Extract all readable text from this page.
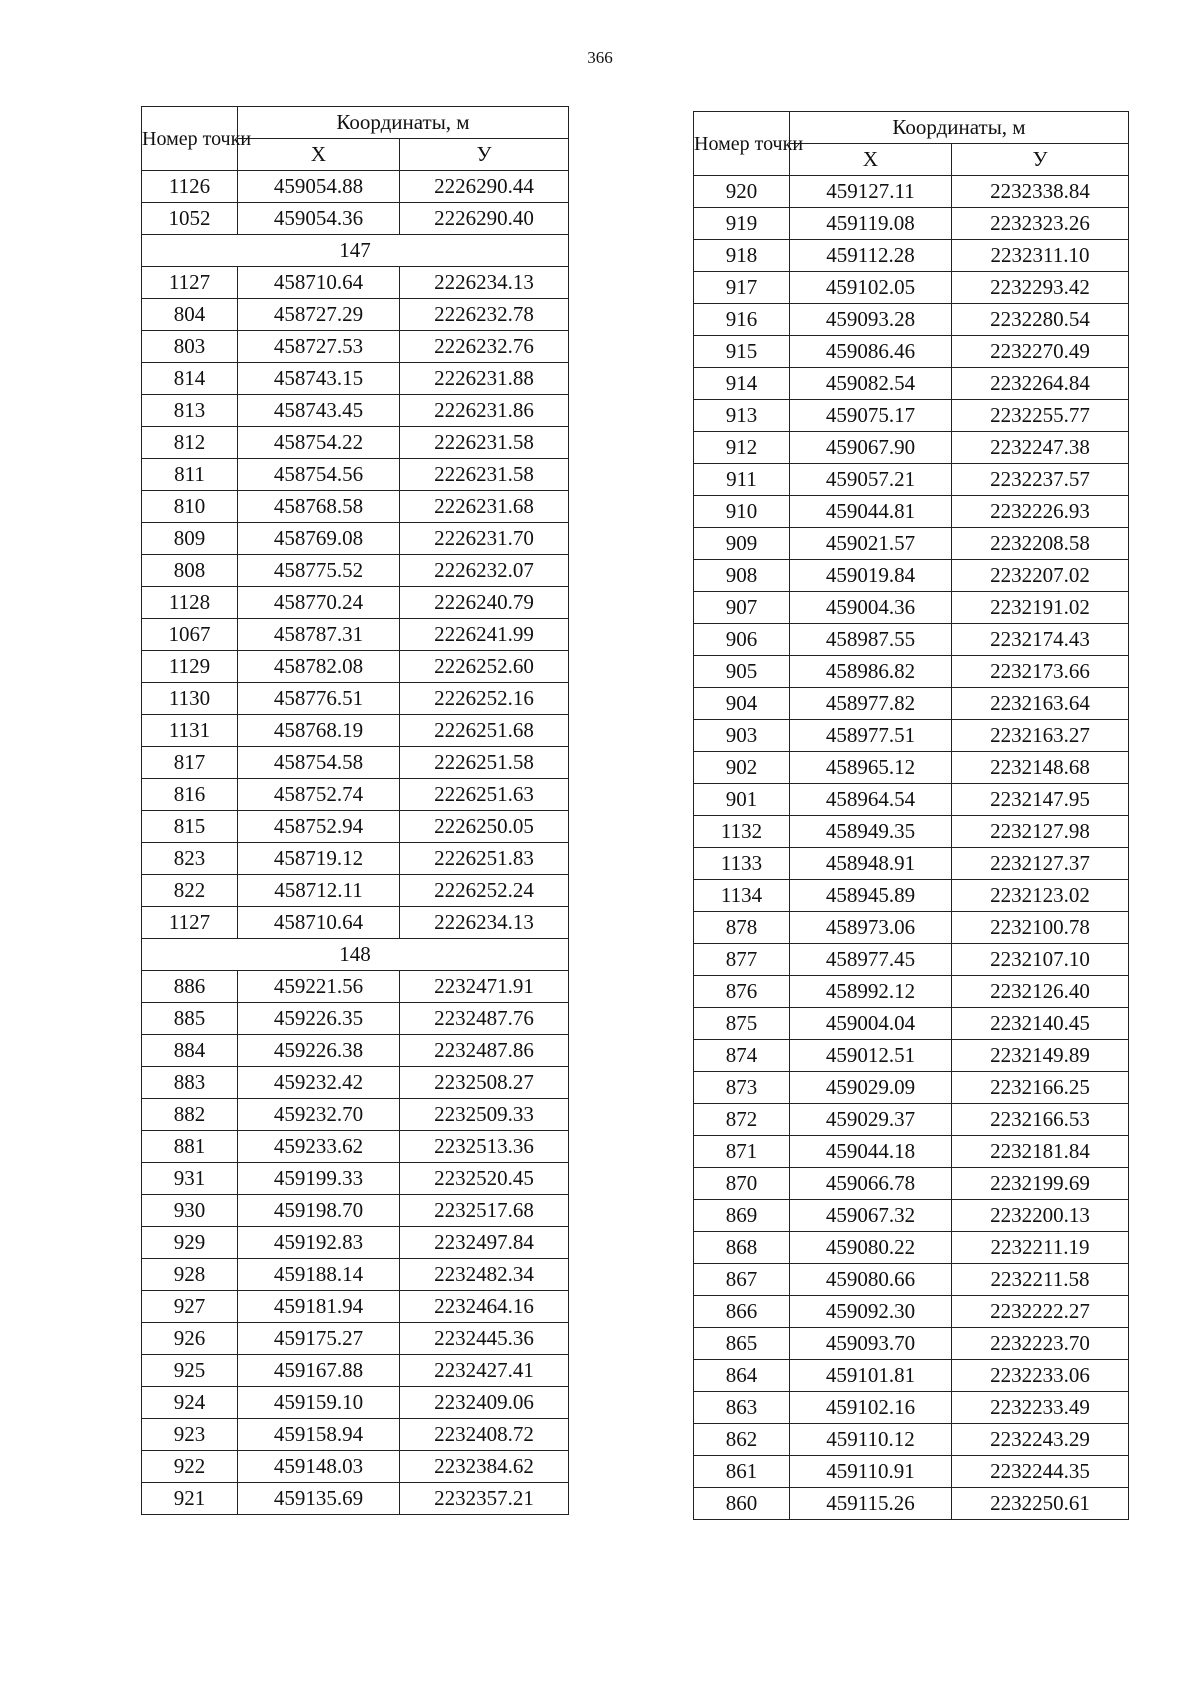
366
Номер точки	Координаты, м	
	Х	У
1126	459054.88	2226290.44
1052	459054.36	2226290.40
147		
1127	458710.64	2226234.13
804	458727.29	2226232.78
803	458727.53	2226232.76
814	458743.15	2226231.88
813	458743.45	2226231.86
812	458754.22	2226231.58
811	458754.56	2226231.58
810	458768.58	2226231.68
809	458769.08	2226231.70
808	458775.52	2226232.07
1128	458770.24	2226240.79
1067	458787.31	2226241.99
1129	458782.08	2226252.60
1130	458776.51	2226252.16
1131	458768.19	2226251.68
817	458754.58	2226251.58
816	458752.74	2226251.63
815	458752.94	2226250.05
823	458719.12	2226251.83
822	458712.11	2226252.24
1127	458710.64	2226234.13
148		
886	459221.56	2232471.91
885	459226.35	2232487.76
884	459226.38	2232487.86
883	459232.42	2232508.27
882	459232.70	2232509.33
881	459233.62	2232513.36
931	459199.33	2232520.45
930	459198.70	2232517.68
929	459192.83	2232497.84
928	459188.14	2232482.34
927	459181.94	2232464.16
926	459175.27	2232445.36
925	459167.88	2232427.41
924	459159.10	2232409.06
923	459158.94	2232408.72
922	459148.03	2232384.62
921	459135.69	2232357.21
Номер точки	Координаты, м	
	Х	У
920	459127.11	2232338.84
919	459119.08	2232323.26
918	459112.28	2232311.10
917	459102.05	2232293.42
916	459093.28	2232280.54
915	459086.46	2232270.49
914	459082.54	2232264.84
913	459075.17	2232255.77
912	459067.90	2232247.38
911	459057.21	2232237.57
910	459044.81	2232226.93
909	459021.57	2232208.58
908	459019.84	2232207.02
907	459004.36	2232191.02
906	458987.55	2232174.43
905	458986.82	2232173.66
904	458977.82	2232163.64
903	458977.51	2232163.27
902	458965.12	2232148.68
901	458964.54	2232147.95
1132	458949.35	2232127.98
1133	458948.91	2232127.37
1134	458945.89	2232123.02
878	458973.06	2232100.78
877	458977.45	2232107.10
876	458992.12	2232126.40
875	459004.04	2232140.45
874	459012.51	2232149.89
873	459029.09	2232166.25
872	459029.37	2232166.53
871	459044.18	2232181.84
870	459066.78	2232199.69
869	459067.32	2232200.13
868	459080.22	2232211.19
867	459080.66	2232211.58
866	459092.30	2232222.27
865	459093.70	2232223.70
864	459101.81	2232233.06
863	459102.16	2232233.49
862	459110.12	2232243.29
861	459110.91	2232244.35
860	459115.26	2232250.61
